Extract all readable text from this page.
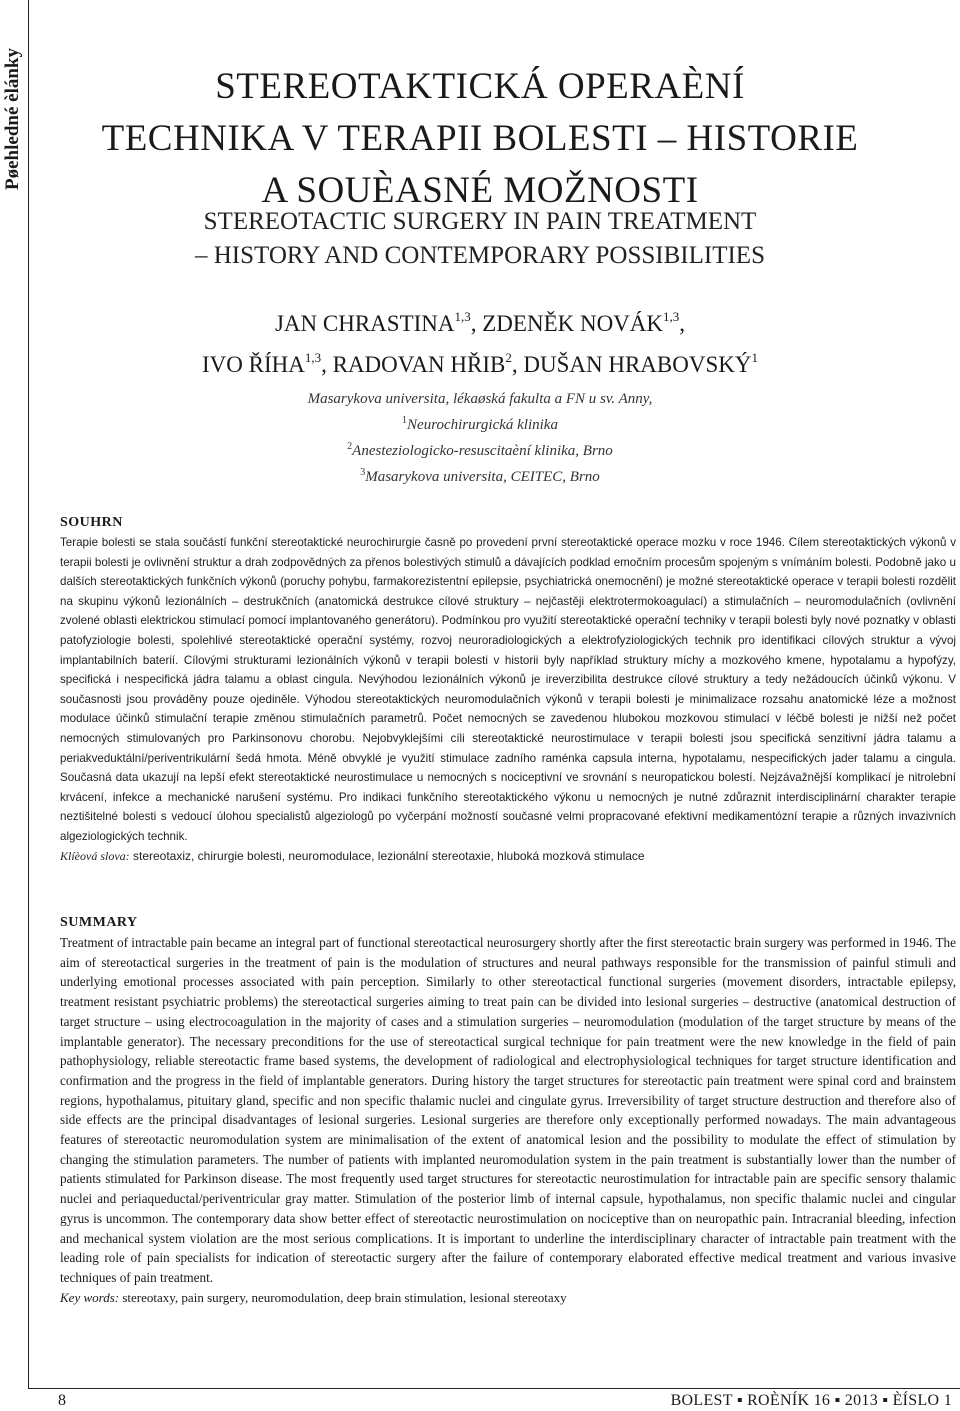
Pøehledné èlánky	STEREOTAKTICKÁ OPERAÈNÍ
TECHNIKA V TERAPII BOLESTI – HISTORIE
A SOUÈASNÉ MOŽNOSTI
STEREOTACTIC SURGERY IN PAIN TREATMENT
– HISTORY AND CONTEMPORARY POSSIBILITIES
JAN CHRASTINA$^{1,3}$, ZDENĚK NOVÁK$^{1,3}$,
IVO ŘÍHA$^{1,3}$, RADOVAN HŘIB$^2$, DUŠAN HRABOVSKÝ$^1$
Masarykova universita, lékaøská fakulta a FN u sv. Anny,
$^1$Neurochirurgická klinika
$^2$Anesteziologicko-resuscitaèní klinika, Brno
$^3$Masarykova universita, CEITEC, Brno
SOUHRN

Terapie bolesti se stala součástí funkční stereotaktické neurochirurgie časně po provedení první stereotaktické operace mozku v roce 1946. Cílem stereotaktických výkonů v terapii bolesti je ovlivnění struktur a drah zodpovědných za přenos bolestivých stimulů a dávajících podklad emočním procesům spojeným s vnímáním bolesti. Podobně jako u dalších stereotaktických funkčních výkonů (poruchy pohybu, farmakorezistentní epilepsie, psychiatrická onemocnění) je možné stereotaktické operace v terapii bolesti rozdělit na skupinu výkonů lezionálních – destrukčních (anatomická destrukce cílové struktury – nejčastěji elektrotermokoagulací) a stimulačních – neuromodulačních (ovlivnění zvolené oblasti elektrickou stimulací pomocí implantovaného generátoru). Podmínkou pro využití stereotaktické operační techniky v terapii bolesti byly nové poznatky v oblasti patofyziologie bolesti, spolehlivé stereotaktické operační systémy, rozvoj neuroradiologických a elektrofyziologických technik pro identifikaci cílových struktur a vývoj implantabilních baterií. Cílovými strukturami lezionálních výkonů v terapii bolesti v historii byly například struktury míchy a mozkového kmene, hypotalamu a hypofýzy, specifická i nespecifická jádra talamu a oblast cingula. Nevýhodou lezionálních výkonů je ireverzibilita destrukce cílové struktury a tedy nežádoucích účinků výkonu. V současnosti jsou prováděny pouze ojediněle. Výhodou stereotaktických neuromodulačních výkonů v terapii bolesti je minimalizace rozsahu anatomické léze a možnost modulace účinků stimulační terapie změnou stimulačních parametrů. Počet nemocných se zavedenou hlubokou mozkovou stimulací v léčbě bolesti je nižší než počet nemocných stimulovaných pro Parkinsonovu chorobu. Nejobvyklejšími cíli stereotaktické neurostimulace v terapii bolesti jsou specifická senzitivní jádra talamu a periakveduktální/periventrikulární šedá hmota. Méně obvyklé je využití stimulace zadního raménka capsula interna, hypotalamu, nespecifických jader talamu a cingula. Současná data ukazují na lepší efekt stereotaktické neurostimulace u nemocných s nociceptivní ve srovnání s neuropatickou bolestí. Nejzávažnější komplikací je nitrolební krvácení, infekce a mechanické narušení systému. Pro indikaci funkčního stereotaktického výkonu u nemocných je nutné zdůraznit interdisciplinární charakter terapie neztišitelné bolesti s vedoucí úlohou specialistů algeziologů po vyčerpání možností současné velmi propracované efektivní medikamentózní terapie a různých invazivních algeziologických technik.

Klíèová slova: stereotaxiz, chirurgie bolesti, neuromodulace, lezionální stereotaxie, hluboká mozková stimulace

SUMMARY

Treatment of intractable pain became an integral part of functional stereotactical neurosurgery shortly after the first stereotactic brain surgery was performed in 1946. The aim of stereotactical surgeries in the treatment of pain is the modulation of structures and neural pathways responsible for the transmission of painful stimuli and underlying emotional processes associated with pain perception. Similarly to other stereotactical functional surgeries (movement disorders, intractable epilepsy, treatment resistant psychiatric problems) the stereotactical surgeries aiming to treat pain can be divided into lesional surgeries – destructive (anatomical destruction of target structure – using electrocoagulation in the majority of cases and a stimulation surgeries – neuromodulation (modulation of the target structure by means of the implantable generator). The necessary preconditions for the use of stereotactical surgical technique for pain treatment were the new knowledge in the field of pain pathophysiology, reliable stereotactic frame based systems, the development of radiological and electrophysiological techniques for target structure identification and confirmation and the progress in the field of implantable generators. During history the target structures for stereotactic pain treatment were spinal cord and brainstem regions, hypothalamus, pituitary gland, specific and non specific thalamic nuclei and cingulate gyrus. Irreversibility of target structure destruction and therefore also of side effects are the principal disadvantages of lesional surgeries. Lesional surgeries are therefore only exceptionally performed nowadays. The main advantageous features of stereotactic neuromodulation system are minimalisation of the extent of anatomical lesion and the possibility to modulate the effect of stimulation by changing the stimulation parameters. The number of patients with implanted neuromodulation system in the pain treatment is substantially lower than the number of patients stimulated for Parkinson disease. The most frequently used target structures for stereotactic neurostimulation for intractable pain are specific sensory thalamic nuclei and periaqueductal/periventricular gray matter. Stimulation of the posterior limb of internal capsule, hypothalamus, non specific thalamic nuclei and cingular gyrus is uncommon. The contemporary data show better effect of stereotactic neurostimulation on nociceptive than on neuropathic pain. Intracranial bleeding, infection and mechanical system violation are the most serious complications. It is important to underline the interdisciplinary character of intractable pain treatment with the leading role of pain specialists for indication of stereotactic surgery after the failure of contemporary elaborated effective medical treatment and various invasive techniques of pain treatment.

Key words: stereotaxy, pain surgery, neuromodulation, deep brain stimulation, lesional stereotaxy

8	BOLEST ▪ ROÈNÍK 16 ▪ 2013 ▪ ÈÍSLO 1
